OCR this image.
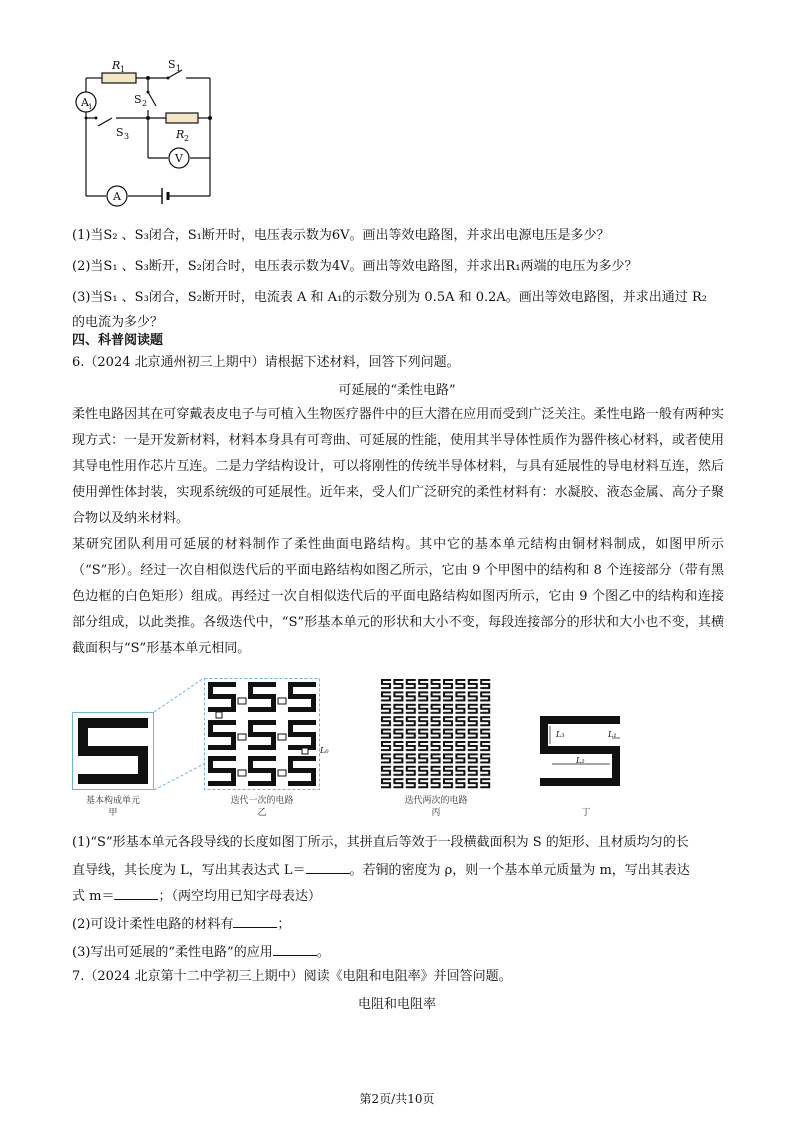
R 1
R 2
S 1
S 2
S 3
A 1
V
A
(1)当S₂ 、S₃闭合，S₁断开时，电压表示数为6V。画出等效电路图，并求出电源电压是多少？
(2)当S₁ 、S₃断开，S₂闭合时，电压表示数为4V。画出等效电路图，并求出R₁两端的电压为多少？
(3)当S₁ 、S₃闭合，S₂断开时，电流表 A 和 A₁的示数分别为 0.5A 和 0.2A。画出等效电路图，并求出通过 R₂
的电流为多少？
四、科普阅读题
6.（2024 北京通州初三上期中）请根据下述材料，回答下列问题。
可延展的“柔性电路”
柔性电路因其在可穿戴表皮电子与可植入生物医疗器件中的巨大潜在应用而受到广泛关注。柔性电路一般有两种实现方式：一是开发新材料，材料本身具有可弯曲、可延展的性能，使用其半导体性质作为器件核心材料，或者使用其导电性用作芯片互连。二是力学结构设计，可以将刚性的传统半导体材料，与具有延展性的导电材料互连，然后使用弹性体封装，实现系统级的可延展性。近年来，受人们广泛研究的柔性材料有：水凝胶、液态金属、高分子聚合物以及纳米材料。
某研究团队利用可延展的材料制作了柔性曲面电路结构。其中它的基本单元结构由铜材料制成，如图甲所示（“S”形）。经过一次自相似迭代后的平面电路结构如图乙所示，它由 9 个甲图中的结构和 8 个连接部分（带有黑色边框的白色矩形）组成。再经过一次自相似迭代后的平面电路结构如图丙所示，它由 9 个图乙中的结构和连接部分组成，以此类推。各级迭代中，“S”形基本单元的形状和大小不变，每段连接部分的形状和大小也不变，其横截面积与“S”形基本单元相同。
基本构成单元
甲
L₀
迭代一次的电路
乙
迭代两次的电路
丙
L₃	L₁
L₂
丁
(1)“S”形基本单元各段导线的长度如图丁所示，其拼直后等效于一段横截面积为 S 的矩形、且材质均匀的长
直导线，其长度为 L，写出其表达式 L＝	。若铜的密度为 ρ，则一个基本单元质量为 m，写出其表达
式 m＝	；（两空均用已知字母表达）
(2)可设计柔性电路的材料有	；
(3)写出可延展的“柔性电路”的应用	。
7.（2024 北京第十二中学初三上期中）阅读《电阻和电阻率》并回答问题。
电阻和电阻率
第2页/共10页
